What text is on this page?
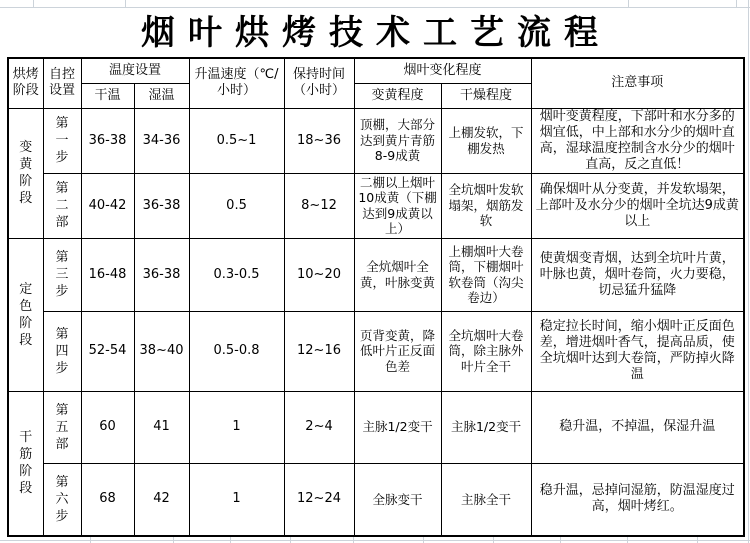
烟叶烘烤技术工艺流程
烘烤阶段	自控设置	温度设置		升温速度（℃/小时）	保持时间（小时）	烟叶变化程度		注意事项
		干温	湿温			变黄程度	干燥程度	

变黄阶段	第一步	36-38	34-36	0.5~1	18~36	顶棚，大部分达到黄片青筋8-9成黄	上棚发软，下棚发热	烟叶变黄程度，下部叶和水分多的烟宜低，中上部和水分少的烟叶直高，湿球温度控制含水分少的烟叶直高，反之直低！

	第二部	40-42	36-38	0.5	8~12	二棚以上烟叶10成黄（下棚达到9成黄以上）	全坑烟叶发软塌架，烟筋发软	确保烟叶从分变黄，并发软塌架，上部叶及水分少的烟叶全坑达9成黄以上

定色阶段	第三步	16-48	36-38	0.3-0.5	10~20	全炕烟叶全黄，叶脉变黄	上棚烟叶大卷筒，下棚烟叶软卷筒（沟尖卷边）	使黄烟变青烟，达到全坑叶片黄，叶脉也黄，烟叶卷筒，火力要稳，切忌猛升猛降

	第四步	52-54	38~40	0.5-0.8	12~16	页背变黄，降低叶片正反面色差	全坑烟叶大卷筒，除主脉外叶片全干	稳定拉长时间，缩小烟叶正反面色差，增进烟叶香气，提高品质，使全坑烟叶达到大卷筒，严防掉火降温

干筋阶段	第五部	60	41	1	2~4	主脉1/2变干	主脉1/2变干	稳升温，不掉温，保湿升温

	第六步	68	42	1	12~24	全脉变干	主脉全干	稳升温，忌掉问湿筋，防温湿度过高，烟叶烤红。
